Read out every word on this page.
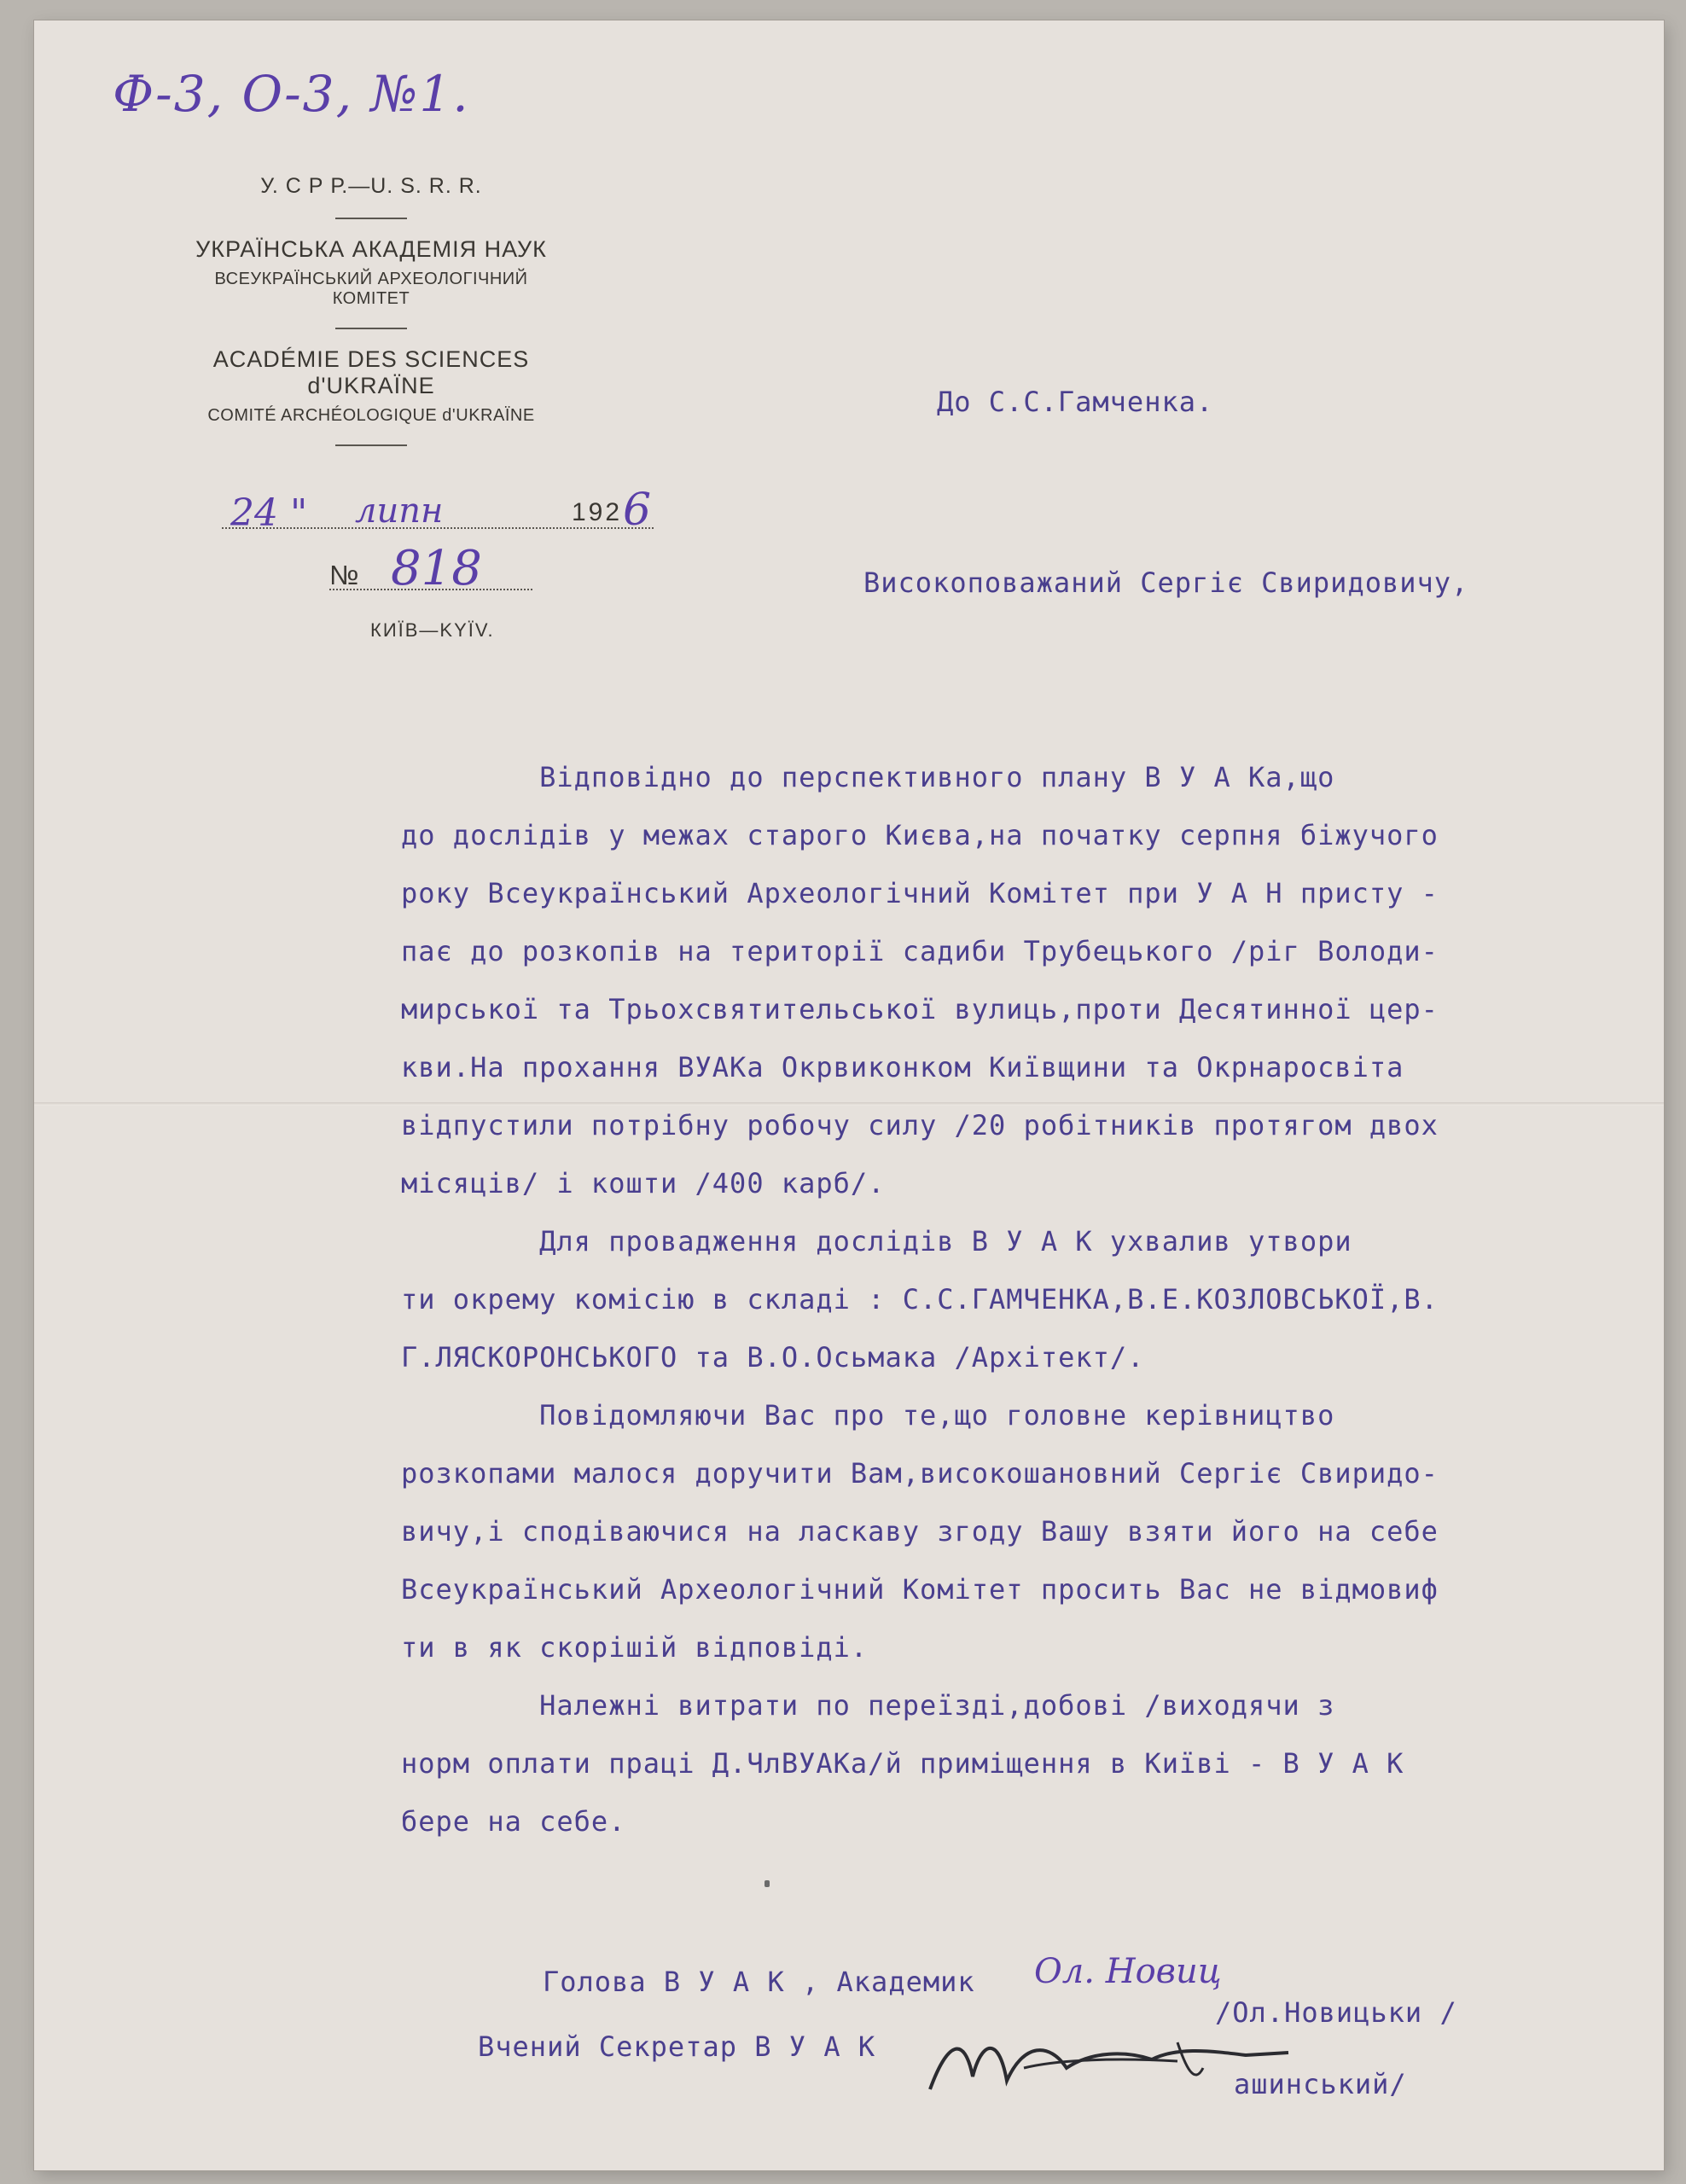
Ф-3, О-3, №1.
У. С Р Р.—U. S. R. R.
УКРАЇНСЬКА АКАДЕМІЯ НАУК
ВСЕУКРАЇНСЬКИЙ АРХЕОЛОГІЧНИЙ КОМІТЕТ
ACADÉMIE DES SCIENCES d'UKRAÏNE
COMITÉ ARCHÉOLOGIQUE d'UKRAÏNE
24 " липн	192 6
№ 818
КИЇВ—KYÏV.
До С.С.Гамченка.
Високоповажаний Сергіє Свиридовичу,
Відповідно до перспективного плану В У А Ка,що
до дослідів у межах старого Києва,на початку серпня біжучого
року Всеукраїнський Археологічний Комітет при У А Н присту -
пає до розкопів на території садиби Трубецького /ріг Володи-
мирської та Трьохсвятительської вулиць,проти Десятинної цер-
кви.На прохання ВУАКа Окрвиконком Київщини та Окрнаросвіта
відпустили потрібну робочу силу /20 робітників протягом двох
місяців/ і кошти /400 карб/.
Для провадження дослідів В У А К ухвалив утвори
ти окрему комісію в складі : С.С.ГАМЧЕНКА,В.Е.КОЗЛОВСЬКОЇ,В.
Г.ЛЯСКОРОНСЬКОГО та В.О.Осьмака /Архітект/.
Повідомляючи Вас про те,що головне керівництво
розкопами малося доручити Вам,високошановний Сергіє Свиридо-
вичу,і сподіваючися на ласкаву згоду Вашу взяти його на себе
Всеукраїнський Археологічний Комітет просить Вас не відмовиф
ти в як скорішій відповіді.
Належні витрати по переїзді,добові /виходячи з
норм оплати праці Д.ЧлВУАКа/й приміщення в Київі - В У А К
бере на себе.
Голова В У А К , Академик Ол. Новиц
/Ол.Новицьки /
Вчений Секретар В У А К
ашинський/
